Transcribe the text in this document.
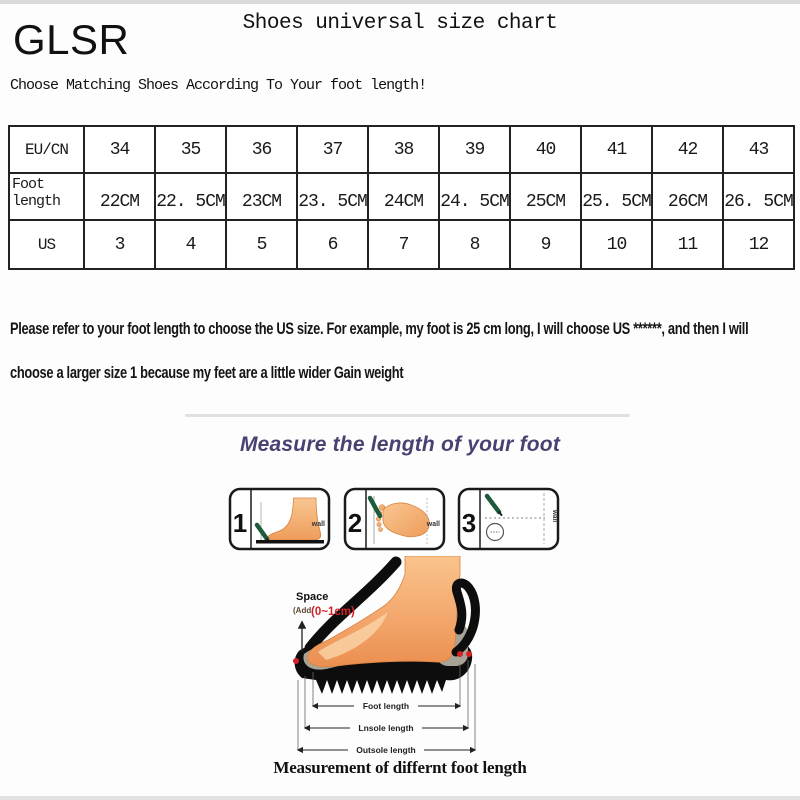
GLSR	Shoes universal size chart
Choose Matching Shoes According To Your foot length!
EU/CN	34	35	36	37	38	39	40	41	42	43
Foot length	22CM	22. 5CM	23CM	23. 5CM	24CM	24. 5CM	25CM	25. 5CM	26CM	26. 5CM
US	3	4	5	6	7	8	9	10	11	12
Please refer to your foot length to choose the US size. For example, my foot is 25 cm long, I will choose US ******, and then I will
choose a larger size 1 because my feet are a little wider Gain weight
Measure the length of your foot
1	wall 2	wall 3	wall
Space
(Add (0~1cm)
Foot length
Lnsole length
Outsole length
Measurement of differnt foot length
